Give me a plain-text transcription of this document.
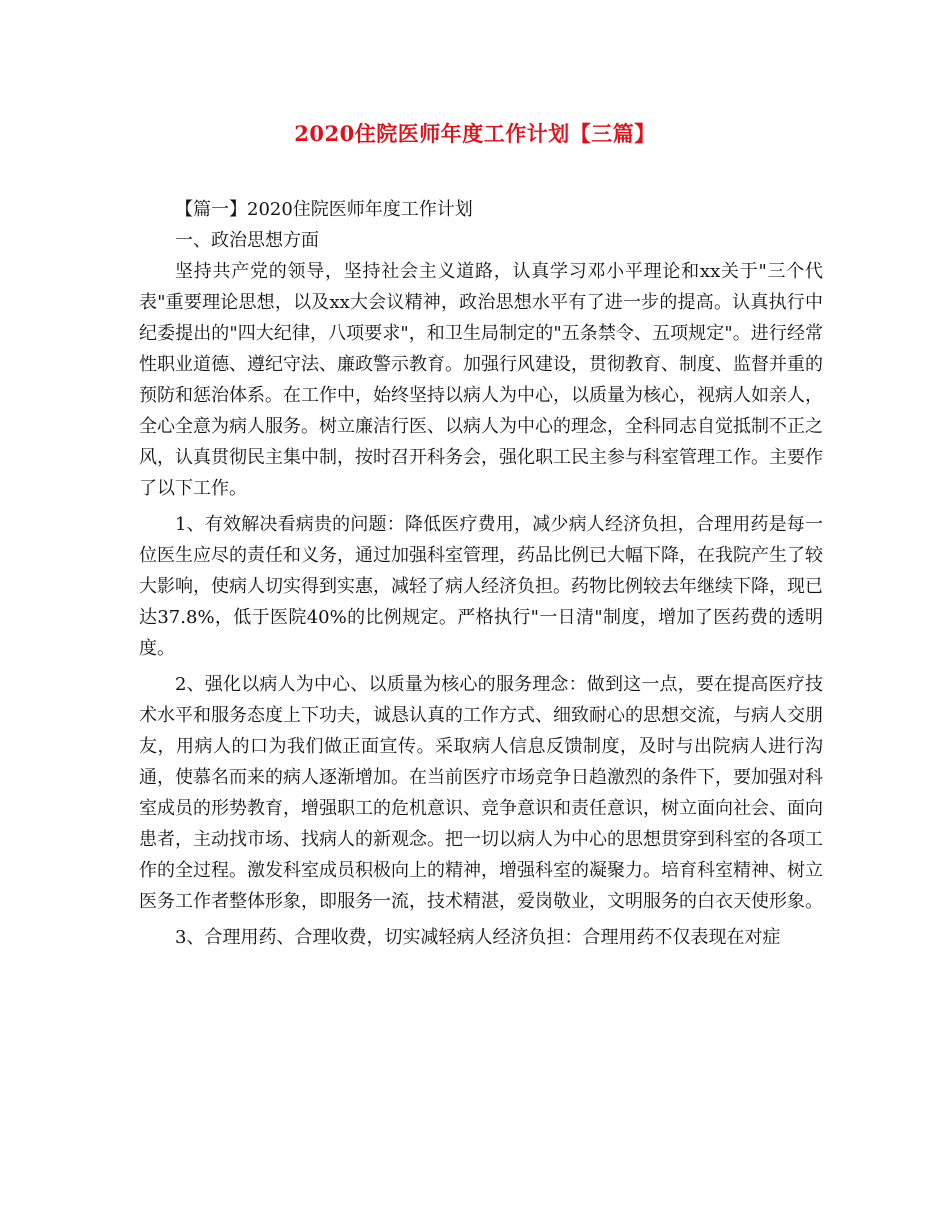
2020住院医师年度工作计划【三篇】
【篇一】2020住院医师年度工作计划
一、政治思想方面
坚持共产党的领导，坚持社会主义道路，认真学习邓小平理论和xx关于"三个代表"重要理论思想，以及xx大会议精神，政治思想水平有了进一步的提高。认真执行中纪委提出的"四大纪律，八项要求"，和卫生局制定的"五条禁令、五项规定"。进行经常性职业道德、遵纪守法、廉政警示教育。加强行风建设，贯彻教育、制度、监督并重的预防和惩治体系。在工作中，始终坚持以病人为中心，以质量为核心，视病人如亲人，全心全意为病人服务。树立廉洁行医、以病人为中心的理念，全科同志自觉抵制不正之风，认真贯彻民主集中制，按时召开科务会，强化职工民主参与科室管理工作。主要作了以下工作。
1、有效解决看病贵的问题：降低医疗费用，减少病人经济负担，合理用药是每一位医生应尽的责任和义务，通过加强科室管理，药品比例已大幅下降，在我院产生了较大影响，使病人切实得到实惠，减轻了病人经济负担。药物比例较去年继续下降，现已达37.8%，低于医院40%的比例规定。严格执行"一日清"制度，增加了医药费的透明度。
2、强化以病人为中心、以质量为核心的服务理念：做到这一点，要在提高医疗技术水平和服务态度上下功夫，诚恳认真的工作方式、细致耐心的思想交流，与病人交朋友，用病人的口为我们做正面宣传。采取病人信息反馈制度，及时与出院病人进行沟通，使慕名而来的病人逐渐增加。在当前医疗市场竞争日趋激烈的条件下，要加强对科室成员的形势教育，增强职工的危机意识、竞争意识和责任意识，树立面向社会、面向患者，主动找市场、找病人的新观念。把一切以病人为中心的思想贯穿到科室的各项工作的全过程。激发科室成员积极向上的精神，增强科室的凝聚力。培育科室精神、树立医务工作者整体形象，即服务一流，技术精湛，爱岗敬业，文明服务的白衣天使形象。
3、合理用药、合理收费，切实减轻病人经济负担：合理用药不仅表现在对症
